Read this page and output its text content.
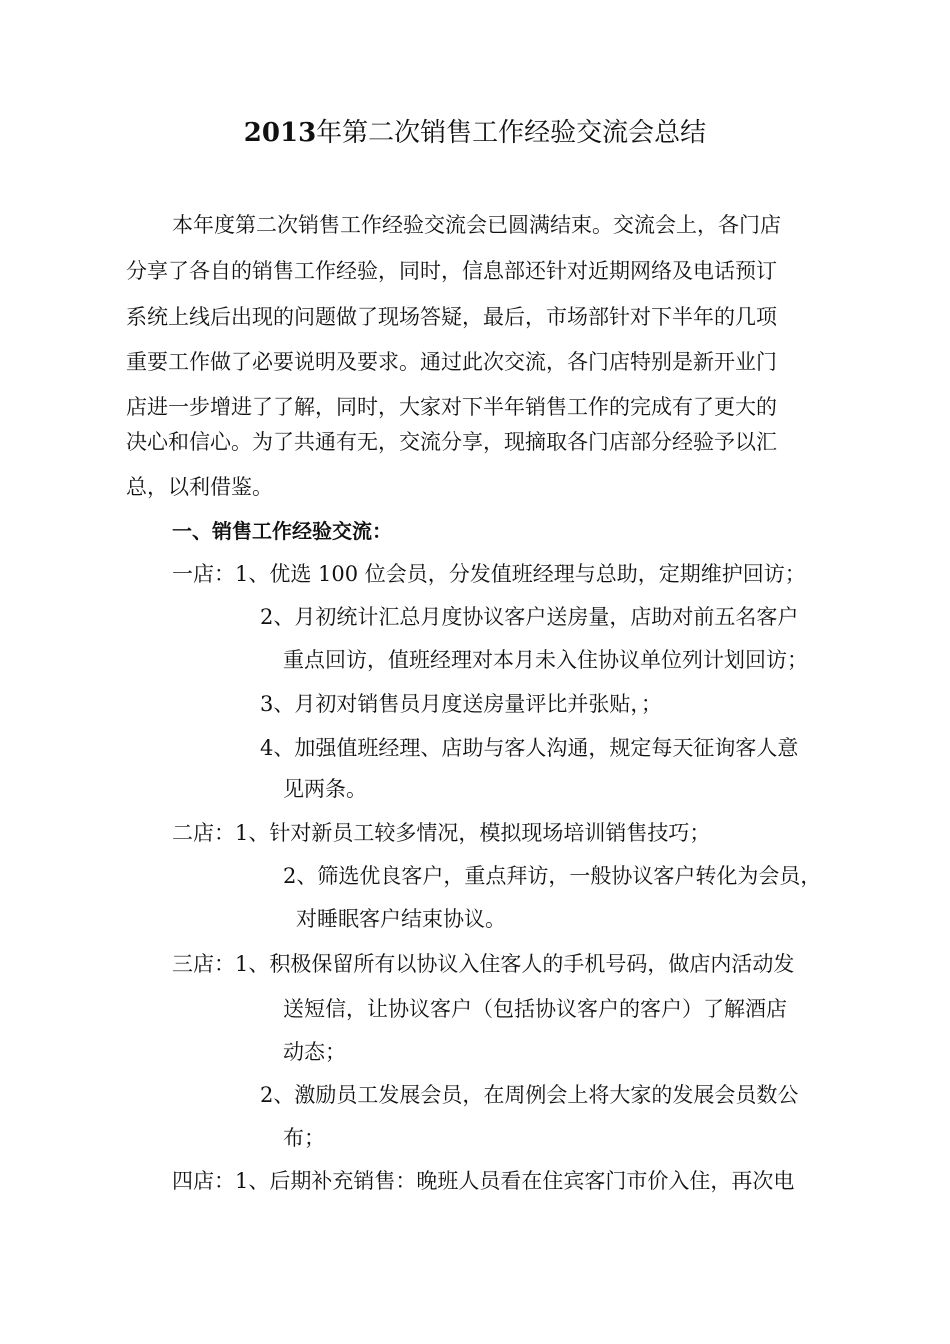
2013年第二次销售工作经验交流会总结
本年度第二次销售工作经验交流会已圆满结束。交流会上，各门店
分享了各自的销售工作经验，同时，信息部还针对近期网络及电话预订
系统上线后出现的问题做了现场答疑，最后，市场部针对下半年的几项
重要工作做了必要说明及要求。通过此次交流，各门店特别是新开业门
店进一步增进了了解，同时，大家对下半年销售工作的完成有了更大的
决心和信心。为了共通有无，交流分享，现摘取各门店部分经验予以汇
总，以利借鉴。
一、销售工作经验交流：
一店：1、优选 100 位会员，分发值班经理与总助，定期维护回访；
2、月初统计汇总月度协议客户送房量，店助对前五名客户
重点回访，值班经理对本月未入住协议单位列计划回访；
3、月初对销售员月度送房量评比并张贴，；
4、加强值班经理、店助与客人沟通，规定每天征询客人意
见两条。
二店：1、针对新员工较多情况，模拟现场培训销售技巧；
2、筛选优良客户，重点拜访，一般协议客户转化为会员，
对睡眠客户结束协议。
三店：1、积极保留所有以协议入住客人的手机号码，做店内活动发
送短信，让协议客户（包括协议客户的客户）了解酒店
动态；
2、激励员工发展会员，在周例会上将大家的发展会员数公
布；
四店：1、后期补充销售：晚班人员看在住宾客门市价入住，再次电
